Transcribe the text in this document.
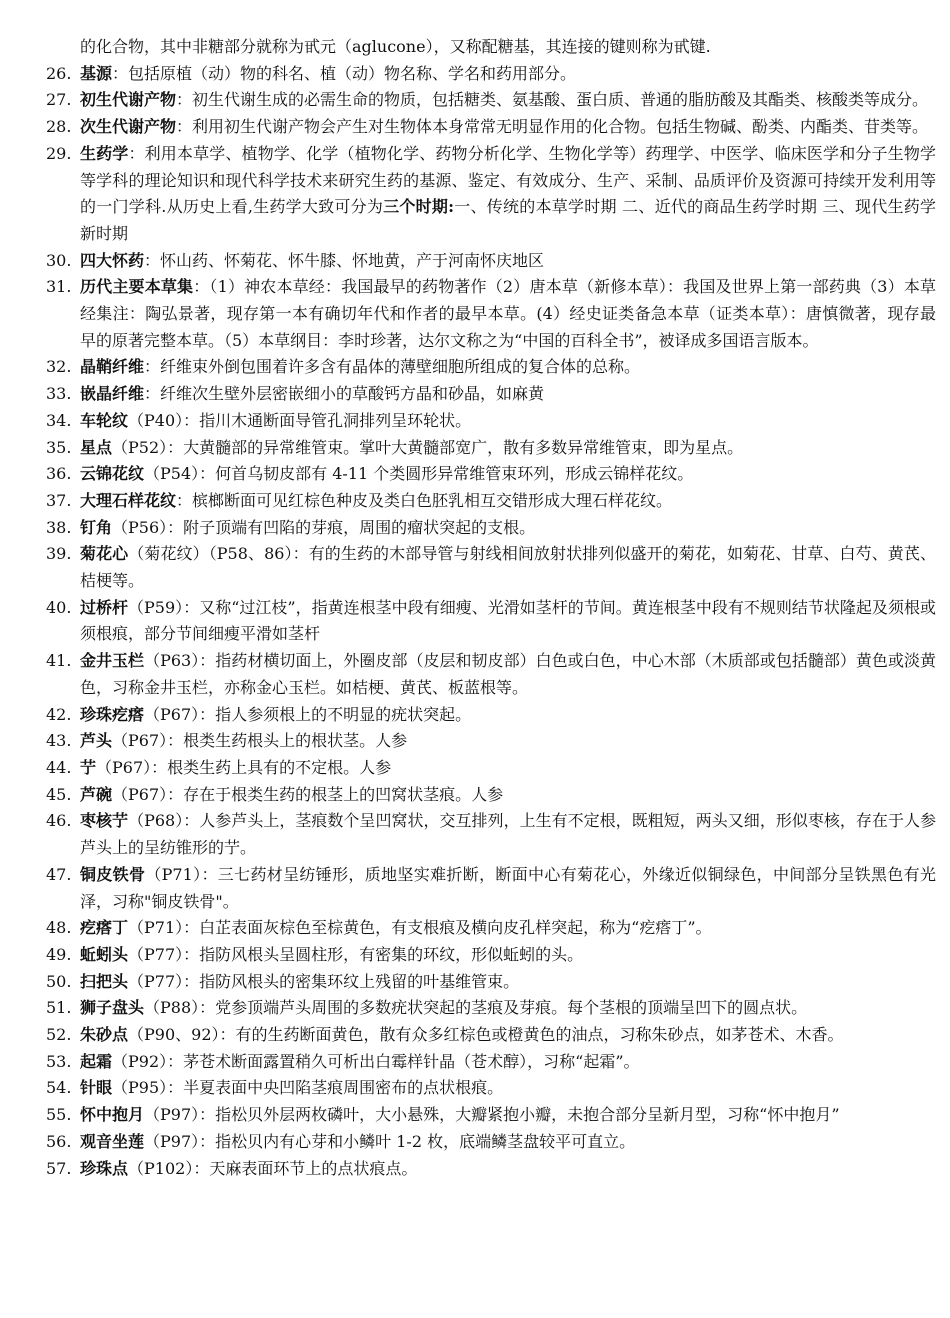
的化合物，其中非糖部分就称为甙元（aglucone），又称配糖基，其连接的键则称为甙键.
26. 基源：包括原植（动）物的科名、植（动）物名称、学名和药用部分。
27. 初生代谢产物：初生代谢生成的必需生命的物质，包括糖类、氨基酸、蛋白质、普通的脂肪酸及其酯类、核酸类等成分。
28. 次生代谢产物：利用初生代谢产物会产生对生物体本身常常无明显作用的化合物。包括生物碱、酚类、内酯类、苷类等。
29. 生药学：利用本草学、植物学、化学（植物化学、药物分析化学、生物化学等）药理学、中医学、临床医学和分子生物学等学科的理论知识和现代科学技术来研究生药的基源、鉴定、有效成分、生产、采制、品质评价及资源可持续开发利用等的一门学科.从历史上看,生药学大致可分为三个时期:一、传统的本草学时期 二、近代的商品生药学时期 三、现代生药学新时期
30. 四大怀药：怀山药、怀菊花、怀牛膝、怀地黄，产于河南怀庆地区
31. 历代主要本草集：（1）神农本草经：我国最早的药物著作（2）唐本草（新修本草）：我国及世界上第一部药典（3）本草经集注：陶弘景著，现存第一本有确切年代和作者的最早本草。(4）经史证类备急本草（证类本草）：唐慎微著，现存最早的原著完整本草。（5）本草纲目：李时珍著，达尔文称之为“中国的百科全书”，被译成多国语言版本。
32. 晶鞘纤维：纤维束外倒包围着许多含有晶体的薄壁细胞所组成的复合体的总称。
33. 嵌晶纤维：纤维次生壁外层密嵌细小的草酸钙方晶和砂晶，如麻黄
34. 车轮纹（P40）：指川木通断面导管孔洞排列呈环轮状。
35. 星点（P52）：大黄髓部的异常维管束。掌叶大黄髓部宽广，散有多数异常维管束，即为星点。
36. 云锦花纹（P54）：何首乌韧皮部有 4-11 个类圆形异常维管束环列，形成云锦样花纹。
37. 大理石样花纹：槟榔断面可见红棕色种皮及类白色胚乳相互交错形成大理石样花纹。
38. 钉角（P56）：附子顶端有凹陷的芽痕，周围的瘤状突起的支根。
39. 菊花心（菊花纹）（P58、86）：有的生药的木部导管与射线相间放射状排列似盛开的菊花，如菊花、甘草、白芍、黄芪、桔梗等。
40. 过桥杆（P59）：又称“过江枝”，指黄连根茎中段有细瘦、光滑如茎杆的节间。黄连根茎中段有不规则结节状隆起及须根或须根痕，部分节间细瘦平滑如茎杆
41. 金井玉栏（P63）：指药材横切面上，外圈皮部（皮层和韧皮部）白色或白色，中心木部（木质部或包括髓部）黄色或淡黄色，习称金井玉栏，亦称金心玉栏。如桔梗、黄芪、板蓝根等。
42. 珍珠疙瘩（P67）：指人参须根上的不明显的疣状突起。
43. 芦头（P67）：根类生药根头上的根状茎。人参
44. 艼（P67）：根类生药上具有的不定根。人参
45. 芦碗（P67）：存在于根类生药的根茎上的凹窝状茎痕。人参
46. 枣核艼（P68）：人参芦头上，茎痕数个呈凹窝状，交互排列，上生有不定根，既粗短，两头又细，形似枣核，存在于人参芦头上的呈纺锥形的艼。
47. 铜皮铁骨（P71）：三七药材呈纺锤形，质地坚实难折断，断面中心有菊花心，外缘近似铜绿色，中间部分呈铁黑色有光泽，习称"铜皮铁骨"。
48. 疙瘩丁（P71）：白芷表面灰棕色至棕黄色，有支根痕及横向皮孔样突起，称为“疙瘩丁”。
49. 蚯蚓头（P77）：指防风根头呈圆柱形，有密集的环纹，形似蚯蚓的头。
50. 扫把头（P77）：指防风根头的密集环纹上残留的叶基维管束。
51. 狮子盘头（P88）：党参顶端芦头周围的多数疣状突起的茎痕及芽痕。每个茎根的顶端呈凹下的圆点状。
52. 朱砂点（P90、92）：有的生药断面黄色，散有众多红棕色或橙黄色的油点，习称朱砂点，如茅苍术、木香。
53. 起霜（P92）：茅苍术断面露置稍久可析出白霉样针晶（苍术醇），习称“起霜”。
54. 针眼（P95）：半夏表面中央凹陷茎痕周围密布的点状根痕。
55. 怀中抱月（P97）：指松贝外层两枚磷叶，大小悬殊，大瓣紧抱小瓣，未抱合部分呈新月型，习称“怀中抱月”
56. 观音坐莲（P97）：指松贝内有心芽和小鳞叶 1-2 枚，底端鳞茎盘较平可直立。
57. 珍珠点（P102）：天麻表面环节上的点状痕点。
